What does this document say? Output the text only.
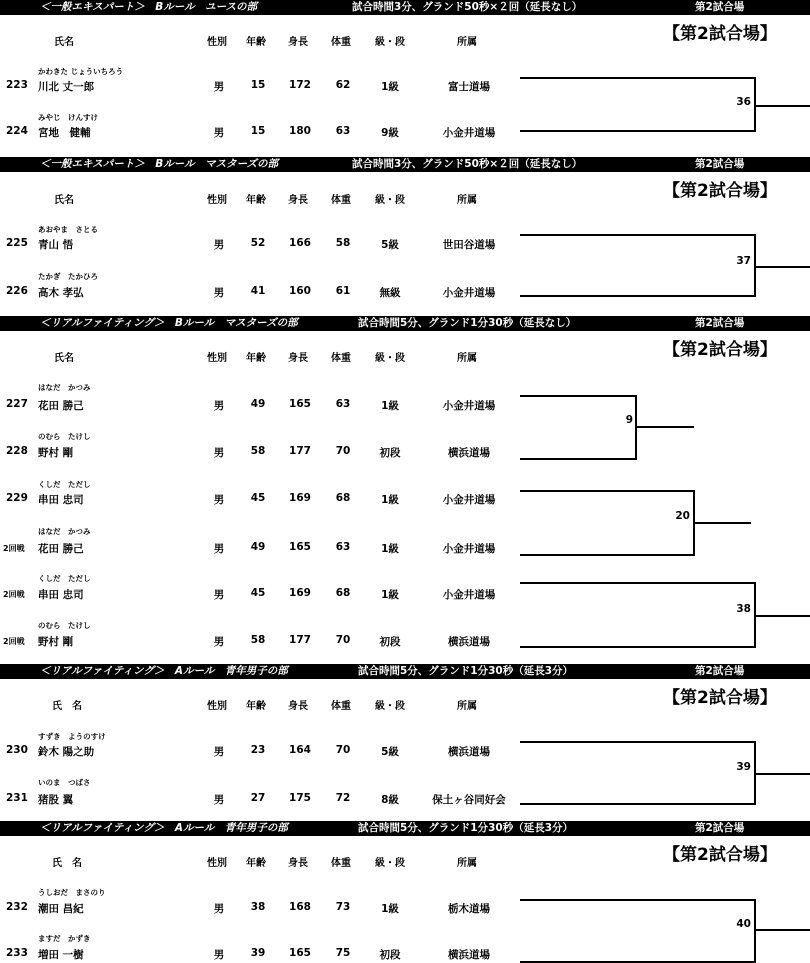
＜一般エキスパート＞　Bルール　ユースの部	試合時間3分、グランド50秒×２回（延長なし）	第2試合場
【第2試合場】
氏名	性別 年齢 身長 体重 級・段	所属
かわきた じょういちろう
223 川北 丈一郎	男	15 172 62	1級	富士道場
みやじ　けんすけ
224 宮地　健輔	男	15 180 63	9級	小金井道場
36
＜一般エキスパート＞　Bルール　マスターズの部	試合時間3分、グランド50秒×２回（延長なし）	第2試合場
【第2試合場】
氏名	性別 年齢 身長 体重 級・段	所属
あおやま　さとる
225 青山 悟	男	52 166 58	5級	世田谷道場
たかぎ　たかひろ
226 高木 孝弘	男	41 160 61	無級	小金井道場
37
＜リアルファイティング＞　Bルール　マスターズの部	試合時間5分、グランド1分30秒（延長なし）	第2試合場
【第2試合場】
氏名	性別 年齢 身長 体重 級・段	所属
はなだ　かつみ
227 花田 勝己	男	49 165 63	1級	小金井道場
のむら　たけし
228 野村 剛	男	58 177 70	初段	横浜道場
くしだ　ただし
229 串田 忠司	男	45 169 68	1級	小金井道場
はなだ　かつみ
2回戦 花田 勝己	男	49 165 63	1級	小金井道場
くしだ　ただし
2回戦 串田 忠司	男	45 169 68	1級	小金井道場
のむら　たけし
2回戦 野村 剛	男	58 177 70	初段	横浜道場
9
20
38
＜リアルファイティング＞　Aルール　青年男子の部	試合時間5分、グランド1分30秒（延長3分）	第2試合場
【第2試合場】
氏　名	性別 年齢 身長 体重 級・段	所属
すずき　ようのすけ
230 鈴木 陽之助	男	23 164 70	5級	横浜道場
いのま　つばさ
231 猪股 翼	男	27 175 72	8級	保土ヶ谷同好会
39
＜リアルファイティング＞　Aルール　青年男子の部	試合時間5分、グランド1分30秒（延長3分）	第2試合場
【第2試合場】
氏　名	性別 年齢 身長 体重 級・段	所属
うしおだ　まさのり
232 潮田 昌紀	男	38 168 73	1級	栃木道場
ますだ　かずき
233 増田 一樹	男	39 165 75	初段	横浜道場
40
